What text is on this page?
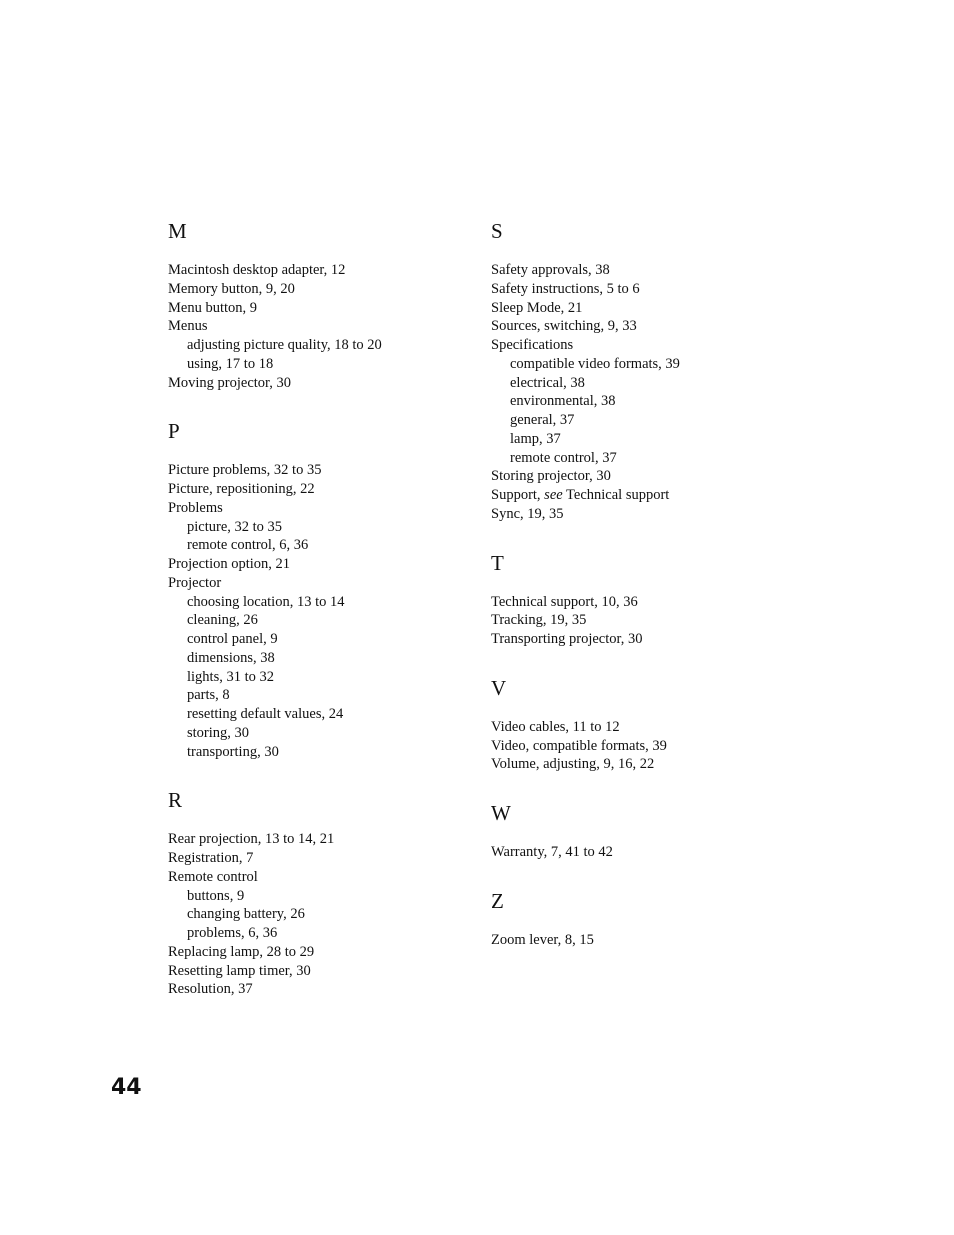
M
Macintosh desktop adapter, 12
Memory button, 9, 20
Menu button, 9
Menus
adjusting picture quality, 18 to 20
using, 17 to 18
Moving projector, 30
P
Picture problems, 32 to 35
Picture, repositioning, 22
Problems
picture, 32 to 35
remote control, 6, 36
Projection option, 21
Projector
choosing location, 13 to 14
cleaning, 26
control panel, 9
dimensions, 38
lights, 31 to 32
parts, 8
resetting default values, 24
storing, 30
transporting, 30
R
Rear projection, 13 to 14, 21
Registration, 7
Remote control
buttons, 9
changing battery, 26
problems, 6, 36
Replacing lamp, 28 to 29
Resetting lamp timer, 30
Resolution, 37
S
Safety approvals, 38
Safety instructions, 5 to 6
Sleep Mode, 21
Sources, switching, 9, 33
Specifications
compatible video formats, 39
electrical, 38
environmental, 38
general, 37
lamp, 37
remote control, 37
Storing projector, 30
Support, see Technical support
Sync, 19, 35
T
Technical support, 10, 36
Tracking, 19, 35
Transporting projector, 30
V
Video cables, 11 to 12
Video, compatible formats, 39
Volume, adjusting, 9, 16, 22
W
Warranty, 7, 41 to 42
Z
Zoom lever, 8, 15
44
